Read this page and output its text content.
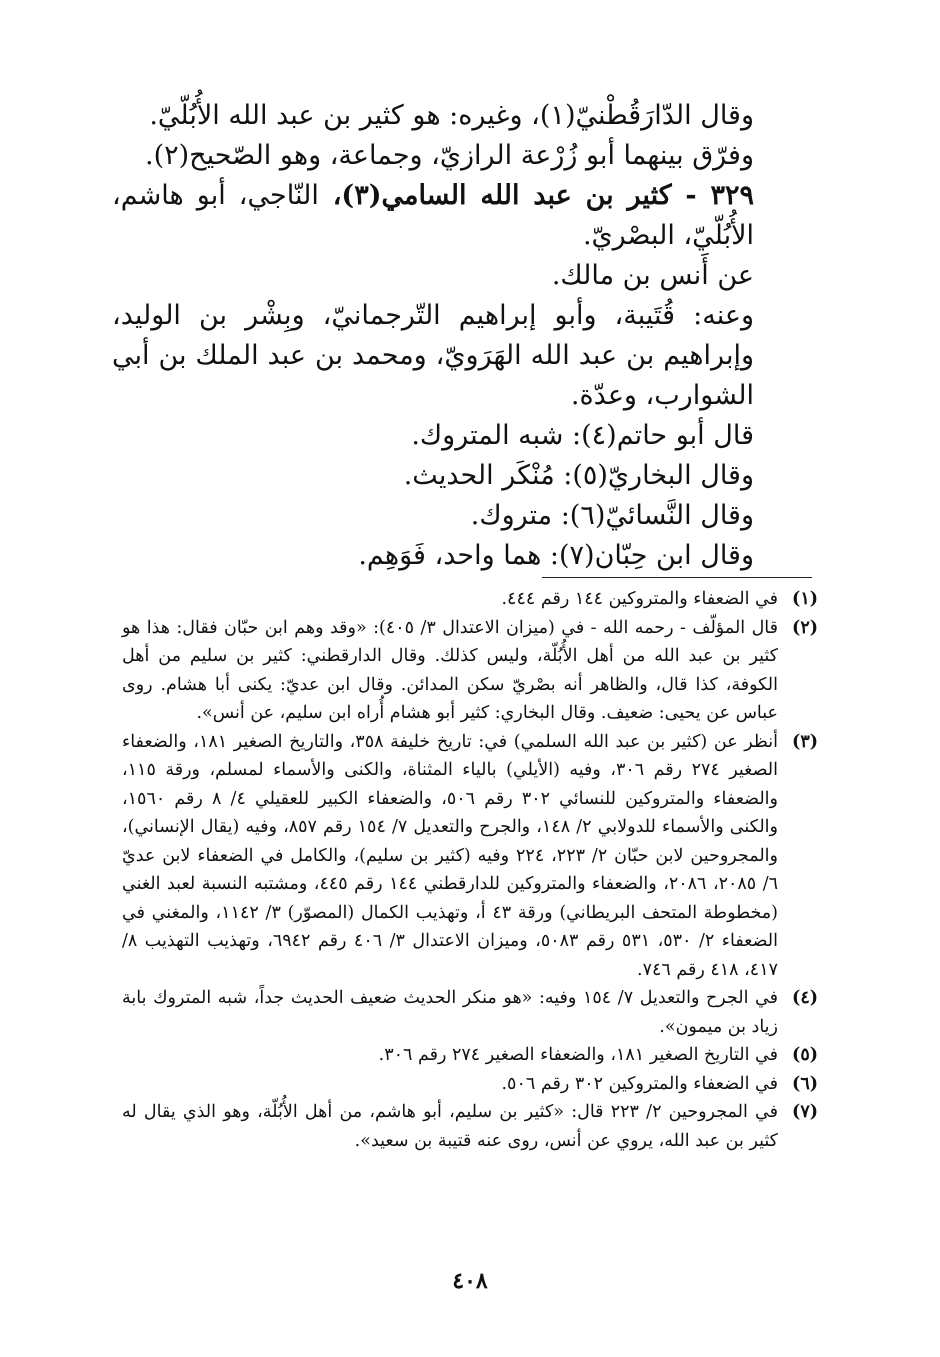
وقال الدّارَقُطْنيّ(١)، وغيره: هو كثير بن عبد الله الأُبُلّيّ.

وفرّق بينهما أبو زُرْعة الرازيّ، وجماعة، وهو الصّحيح(٢).

٣٢٩ - كثير بن عبد الله السامي(٣)، النّاجي، أبو هاشم، الأُبُلّيّ، البصْريّ.

عن أَنس بن مالك.

وعنه: قُتَيبة، وأبو إبراهيم التّرجمانيّ، وبِشْر بن الوليد، وإبراهيم بن عبد الله الهَرَويّ، ومحمد بن عبد الملك بن أبي الشوارب، وعدّة.

قال أبو حاتم(٤): شبه المتروك.

وقال البخاريّ(٥): مُنْكَر الحديث.

وقال النَّسائيّ(٦): متروك.

وقال ابن حِبّان(٧): هما واحد، فَوَهِم.

(١)
في الضعفاء والمتروكين ١٤٤ رقم ٤٤٤.
(٢)
قال المؤلّف - رحمه الله - في (ميزان الاعتدال ٣/ ٤٠٥): «وقد وهم ابن حبّان فقال: هذا هو كثير بن عبد الله من أهل الأُبُلّة، وليس كذلك. وقال الدارقطني: كثير بن سليم من أهل الكوفة، كذا قال، والظاهر أنه بصْريّ سكن المدائن. وقال ابن عديّ: يكنى أبا هشام. روى عباس عن يحيى: ضعيف. وقال البخاري: كثير أبو هشام أُراه ابن سليم، عن أنس».
(٣)
أنظر عن (كثير بن عبد الله السلمي) في: تاريخ خليفة ٣٥٨، والتاريخ الصغير ١٨١، والضعفاء الصغير ٢٧٤ رقم ٣٠٦، وفيه (الأيلي) بالياء المثناة، والكنى والأسماء لمسلم، ورقة ١١٥، والضعفاء والمتروكين للنسائي ٣٠٢ رقم ٥٠٦، والضعفاء الكبير للعقيلي ٤/ ٨ رقم ١٥٦٠، والكنى والأسماء للدولابي ٢/ ١٤٨، والجرح والتعديل ٧/ ١٥٤ رقم ٨٥٧، وفيه (يقال الإنساني)، والمجروحين لابن حبّان ٢/ ٢٢٣، ٢٢٤ وفيه (كثير بن سليم)، والكامل في الضعفاء لابن عديّ ٦/ ٢٠٨٥، ٢٠٨٦، والضعفاء والمتروكين للدارقطني ١٤٤ رقم ٤٤٥، ومشتبه النسبة لعبد الغني (مخطوطة المتحف البريطاني) ورقة ٤٣ أ، وتهذيب الكمال (المصوّر) ٣/ ١١٤٢، والمغني في الضعفاء ٢/ ٥٣٠، ٥٣١ رقم ٥٠٨٣، وميزان الاعتدال ٣/ ٤٠٦ رقم ٦٩٤٢، وتهذيب التهذيب ٨/ ٤١٧، ٤١٨ رقم ٧٤٦.
(٤)
في الجرح والتعديل ٧/ ١٥٤ وفيه: «هو منكر الحديث ضعيف الحديث جداً، شبه المتروك بابة زياد بن ميمون».
(٥)
في التاريخ الصغير ١٨١، والضعفاء الصغير ٢٧٤ رقم ٣٠٦.
(٦)
في الضعفاء والمتروكين ٣٠٢ رقم ٥٠٦.
(٧)
في المجروحين ٢/ ٢٢٣ قال: «كثير بن سليم، أبو هاشم، من أهل الأُبُلّة، وهو الذي يقال له كثير بن عبد الله، يروي عن أنس، روى عنه قتيبة بن سعيد».
٤٠٨
